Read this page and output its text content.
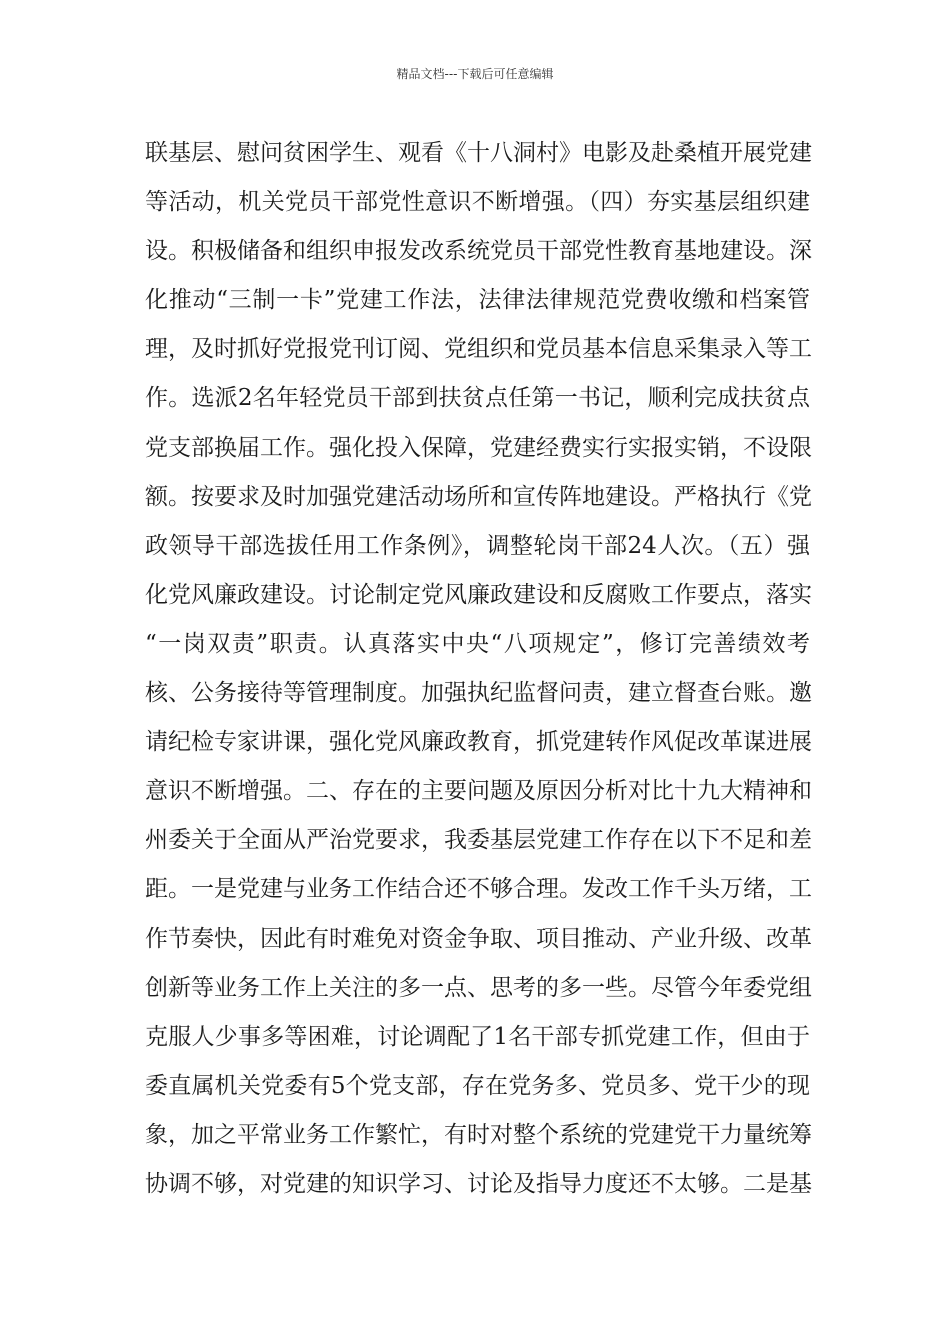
精品文档---下载后可任意编辑
联基层、慰问贫困学生、观看《十八洞村》电影及赴桑植开展党建
等活动，机关党员干部党性意识不断增强。（四）夯实基层组织建
设。积极储备和组织申报发改系统党员干部党性教育基地建设。深
化推动“三制一卡”党建工作法，法律法律规范党费收缴和档案管
理，及时抓好党报党刊订阅、党组织和党员基本信息采集录入等工
作。选派2名年轻党员干部到扶贫点任第一书记，顺利完成扶贫点
党支部换届工作。强化投入保障，党建经费实行实报实销，不设限
额。按要求及时加强党建活动场所和宣传阵地建设。严格执行《党
政领导干部选拔任用工作条例》，调整轮岗干部24人次。（五）强
化党风廉政建设。讨论制定党风廉政建设和反腐败工作要点，落实
“一岗双责”职责。认真落实中央“八项规定”，修订完善绩效考
核、公务接待等管理制度。加强执纪监督问责，建立督查台账。邀
请纪检专家讲课，强化党风廉政教育，抓党建转作风促改革谋进展
意识不断增强。二、存在的主要问题及原因分析对比十九大精神和
州委关于全面从严治党要求，我委基层党建工作存在以下不足和差
距。一是党建与业务工作结合还不够合理。发改工作千头万绪，工
作节奏快，因此有时难免对资金争取、项目推动、产业升级、改革
创新等业务工作上关注的多一点、思考的多一些。尽管今年委党组
克服人少事多等困难，讨论调配了1名干部专抓党建工作，但由于
委直属机关党委有5个党支部，存在党务多、党员多、党干少的现
象，加之平常业务工作繁忙，有时对整个系统的党建党干力量统筹
协调不够，对党建的知识学习、讨论及指导力度还不太够。二是基
